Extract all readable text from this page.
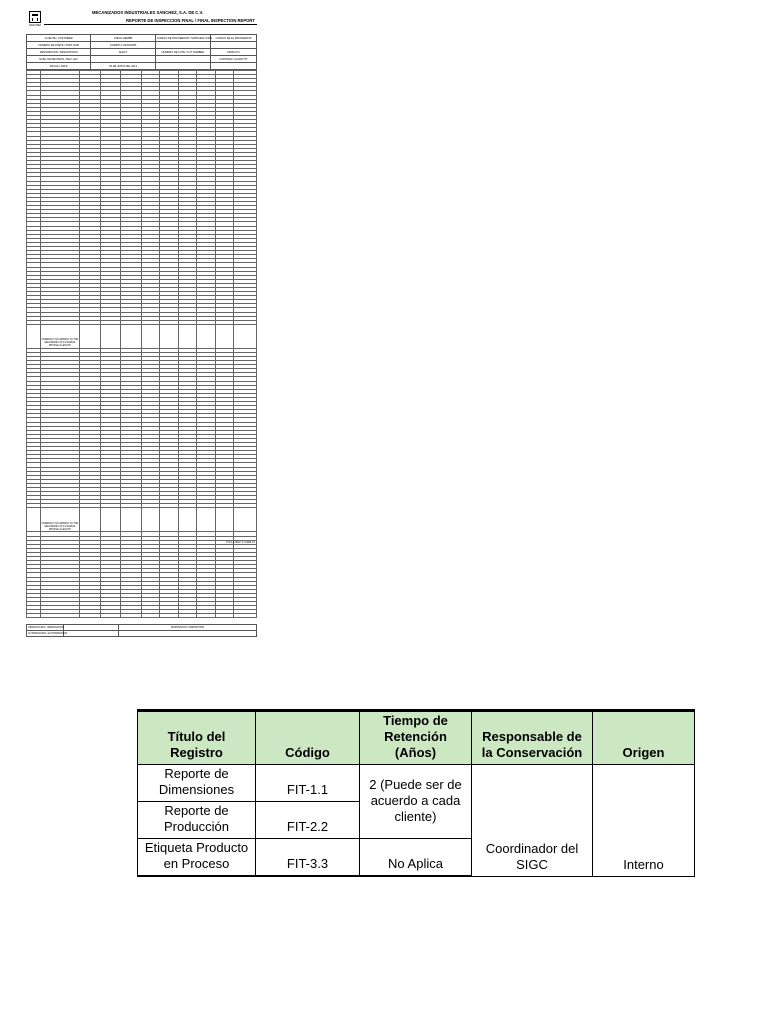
SANCHEZ
MECANIZADOS INDUSTRIALES SANCHEZ, S.A. DE C.V.
REPORTE DE INSPECCION FINAL / FINAL INSPECTION REPORT
CLIENTE / CUSTOMER	ATECH SEMBR	CODIGO DE PROVEEDOR / SUPPLIER CODE	CODIGO DE EL PROVEEDOR
NUMERO DE PARTE / PART NUM	A149807-1-02/04/2005		
DESCRIPCION / DESCRIPTION	SHAFT	NUMERO DE LOTE / LOT NUMBER	A6303-071
NIVEL DE REVISION / REV. LEV.			CANTIDAD / QUANTITY
FECHA / DATE	05 DE JUNIO DEL 2013		

	UNDERCUT ACCORDING TO THE SECONDARY AT 0.5 RADIUS PROFILE & LENGTH									

	UNDERCUT ACCORDING TO THE SECONDARY AT 0.5 RADIUS PROFILE & LENGTH									

VERIFICACION / VERIFICATION		DISPOSICION / DISPOSITION
AUTORIZACION / AUTHORIZATION		
FIT-1.1 REV. 0 / MAR-13
Título del Registro	Código	Tiempo de Retención (Años)	Responsable de la Conservación	Origen
Reporte de Dimensiones	FIT-1.1	2 (Puede ser de acuerdo a cada cliente)	Coordinador del SIGC	Interno
Reporte de Producción	FIT-2.2			
Etiqueta Producto en Proceso	FIT-3.3	No Aplica		
